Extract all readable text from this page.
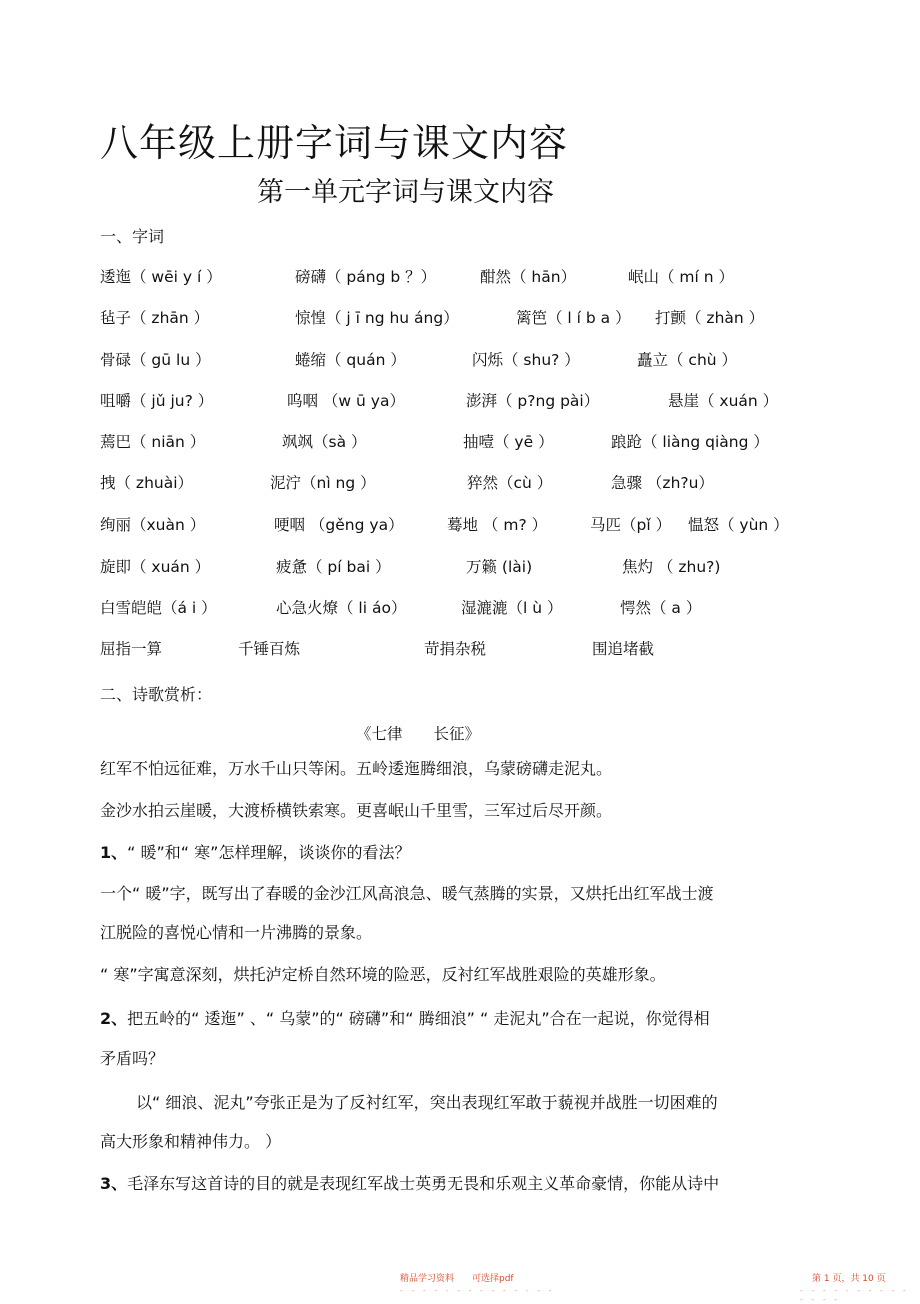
八年级上册字词与课文内容
第一单元字词与课文内容
一、字词
逶迤（ wēi y í ）	磅礴（ páng b ？）	酣然（ hān）	岷山（ mí n ）
毡子（ zhān ）	惊惶（ j ī ng hu áng）	篱笆（ l í b a ） 打颤（ zhàn ）
骨碌（ gū lu ）	蜷缩（ quán ）	闪烁（ shu? ）	矗立（ chù ）
咀嚼（ jǔ ju? ）	呜咽 （w ū ya）	澎湃（ p?ng pài）	悬崖（ xuán ）
蔫巴（ niān ）	飒飒（sà ）	抽噎（ yē ）	踉跄（ liàng qiàng ）
拽（ zhuài）	泥泞（nì ng ）	猝然（cù ）	急骤 （zh?u）
绚丽（xuàn ）	哽咽 （gěng ya）	蓦地 （ m? ）	马匹（pǐ ） 愠怒（ yùn ）
旋即（ xuán ）	疲惫（ pí bai ）	万籁 (lài)	焦灼 （ zhu?)
白雪皑皑（á i ）	心急火燎（ li áo）	湿漉漉（l ù ）	愕然（ a ）
屈指一算	千锤百炼	苛捐杂税	围追堵截
二、诗歌赏析：
《七律　　长征》
红军不怕远征难，万水千山只等闲。五岭逶迤腾细浪，乌蒙磅礴走泥丸。
金沙水拍云崖暖，大渡桥横铁索寒。更喜岷山千里雪，三军过后尽开颜。
1、“ 暖”和“ 寒”怎样理解，谈谈你的看法？
一个“ 暖”字，既写出了春暖的金沙江风高浪急、暖气蒸腾的实景，又烘托出红军战士渡
江脱险的喜悦心情和一片沸腾的景象。
“ 寒”字寓意深刻，烘托泸定桥自然环境的险恶，反衬红军战胜艰险的英雄形象。
2、把五岭的“ 逶迤” 、“ 乌蒙”的“ 磅礴”和“ 腾细浪” “ 走泥丸”合在一起说，你觉得相
矛盾吗？
以“ 细浪、泥丸”夸张正是为了反衬红军，突出表现红军敢于藐视并战胜一切困难的
高大形象和精神伟力。 ）
3、毛泽东写这首诗的目的就是表现红军战士英勇无畏和乐观主义革命豪情，你能从诗中
精品学习资料　　可选择pdf	第 1 页，共 10 页
- - - - - - - - - - - - - -	- - - - - - - - - - - - - -
